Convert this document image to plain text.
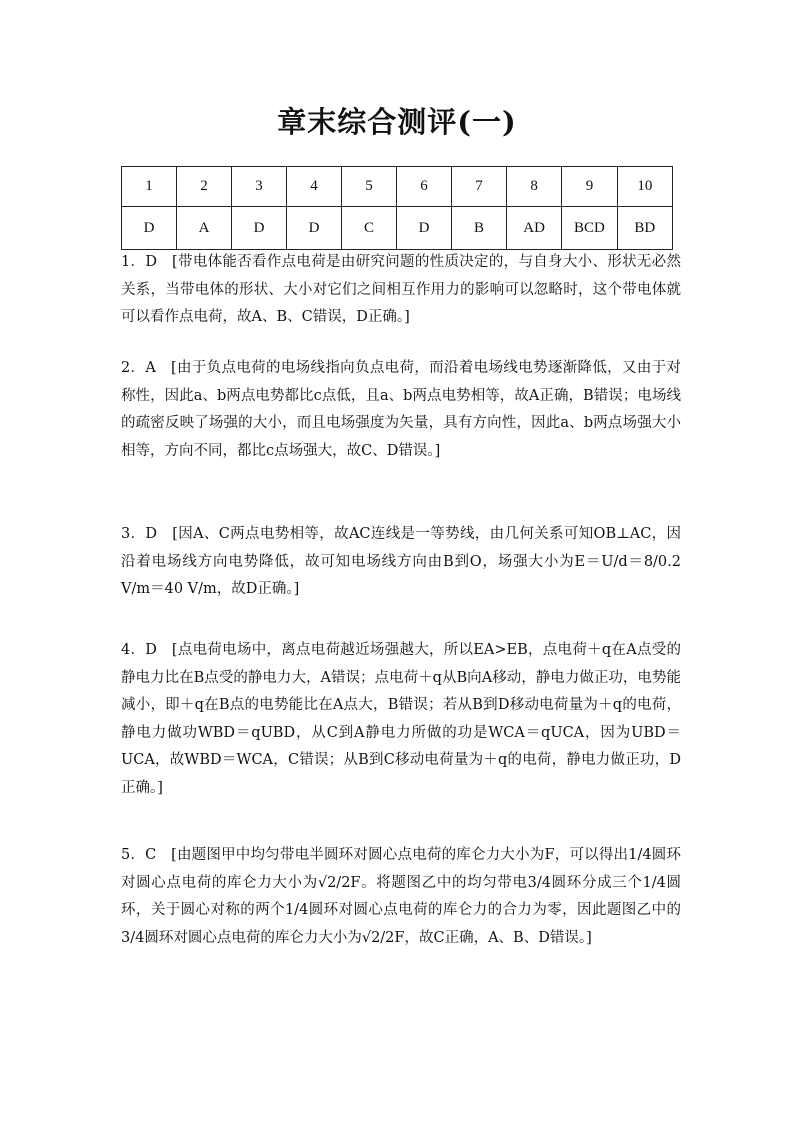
章末综合测评(一)
1	2	3	4	5	6	7	8	9	10
D	A	D	D	C	D	B	AD	BCD	BD

1．D　[带电体能否看作点电荷是由研究问题的性质决定的，与自身大小、形状无必然关系，当带电体的形状、大小对它们之间相互作用力的影响可以忽略时，这个带电体就可以看作点电荷，故A、B、C错误，D正确。]

2．A　[由于负点电荷的电场线指向负点电荷，而沿着电场线电势逐渐降低，又由于对称性，因此a、b两点电势都比c点低，且a、b两点电势相等，故A正确，B错误；电场线的疏密反映了场强的大小，而且电场强度为矢量，具有方向性，因此a、b两点场强大小相等，方向不同，都比c点场强大，故C、D错误。]

3．D　[因A、C两点电势相等，故AC连线是一等势线，由几何关系可知OB⊥AC，因沿着电场线方向电势降低，故可知电场线方向由B到O，场强大小为E＝U/d＝8/0.2 V/m＝40 V/m，故D正确。]

4．D　[点电荷电场中，离点电荷越近场强越大，所以EA>EB，点电荷＋q在A点受的静电力比在B点受的静电力大，A错误；点电荷＋q从B向A移动，静电力做正功，电势能减小，即＋q在B点的电势能比在A点大，B错误；若从B到D移动电荷量为＋q的电荷，静电力做功WBD＝qUBD，从C到A静电力所做的功是WCA＝qUCA，因为UBD＝UCA，故WBD＝WCA，C错误；从B到C移动电荷量为＋q的电荷，静电力做正功，D正确。]

5．C　[由题图甲中均匀带电半圆环对圆心点电荷的库仑力大小为F，可以得出1/4圆环对圆心点电荷的库仑力大小为√2/2F。将题图乙中的均匀带电3/4圆环分成三个1/4圆环，关于圆心对称的两个1/4圆环对圆心点电荷的库仑力的合力为零，因此题图乙中的3/4圆环对圆心点电荷的库仑力大小为√2/2F，故C正确，A、B、D错误。]
